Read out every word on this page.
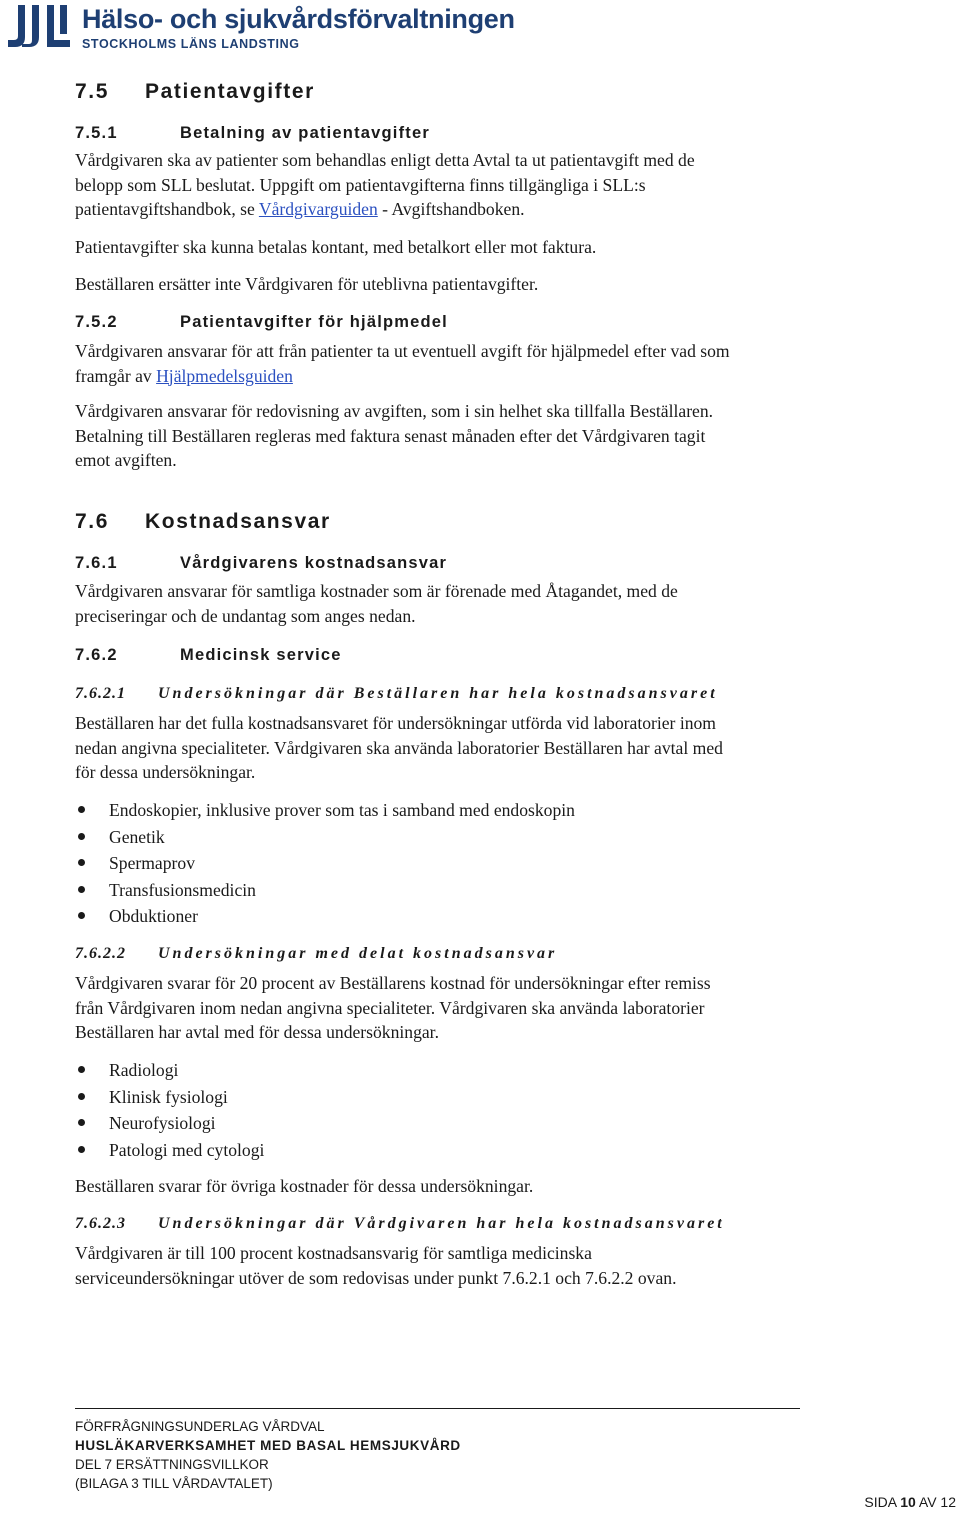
Hälso- och sjukvårdsförvaltningen
STOCKHOLMS LÄNS LANDSTING
7.5 Patientavgifter
7.5.1	Betalning av patientavgifter
Vårdgivaren ska av patienter som behandlas enligt detta Avtal ta ut patientavgift med de
belopp som SLL beslutat. Uppgift om patientavgifterna finns tillgängliga i SLL:s
patientavgiftshandbok, se Vårdgivarguiden - Avgiftshandboken.
Patientavgifter ska kunna betalas kontant, med betalkort eller mot faktura.
Beställaren ersätter inte Vårdgivaren för uteblivna patientavgifter.
7.5.2	Patientavgifter för hjälpmedel
Vårdgivaren ansvarar för att från patienter ta ut eventuell avgift för hjälpmedel efter vad som
framgår av Hjälpmedelsguiden
Vårdgivaren ansvarar för redovisning av avgiften, som i sin helhet ska tillfalla Beställaren.
Betalning till Beställaren regleras med faktura senast månaden efter det Vårdgivaren tagit
emot avgiften.
7.6 Kostnadsansvar
7.6.1	Vårdgivarens kostnadsansvar
Vårdgivaren ansvarar för samtliga kostnader som är förenade med Åtagandet, med de
preciseringar och de undantag som anges nedan.
7.6.2	Medicinsk service
7.6.2.1 Undersökningar där Beställaren har hela kostnadsansvaret
Beställaren har det fulla kostnadsansvaret för undersökningar utförda vid laboratorier inom
nedan angivna specialiteter. Vårdgivaren ska använda laboratorier Beställaren har avtal med
för dessa undersökningar.
Endoskopier, inklusive prover som tas i samband med endoskopin
Genetik
Spermaprov
Transfusionsmedicin
Obduktioner
7.6.2.2 Undersökningar med delat kostnadsansvar
Vårdgivaren svarar för 20 procent av Beställarens kostnad för undersökningar efter remiss
från Vårdgivaren inom nedan angivna specialiteter. Vårdgivaren ska använda laboratorier
Beställaren har avtal med för dessa undersökningar.
Radiologi
Klinisk fysiologi
Neurofysiologi
Patologi med cytologi
Beställaren svarar för övriga kostnader för dessa undersökningar.
7.6.2.3 Undersökningar där Vårdgivaren har hela kostnadsansvaret
Vårdgivaren är till 100 procent kostnadsansvarig för samtliga medicinska
serviceundersökningar utöver de som redovisas under punkt 7.6.2.1 och 7.6.2.2 ovan.
FÖRFRÅGNINGSUNDERLAG VÅRDVAL
HUSLÄKARVERKSAMHET MED BASAL HEMSJUKVÅRD
DEL 7 ERSÄTTNINGSVILLKOR
(BILAGA 3 TILL VÅRDAVTALET)
SIDA 10 AV 12
